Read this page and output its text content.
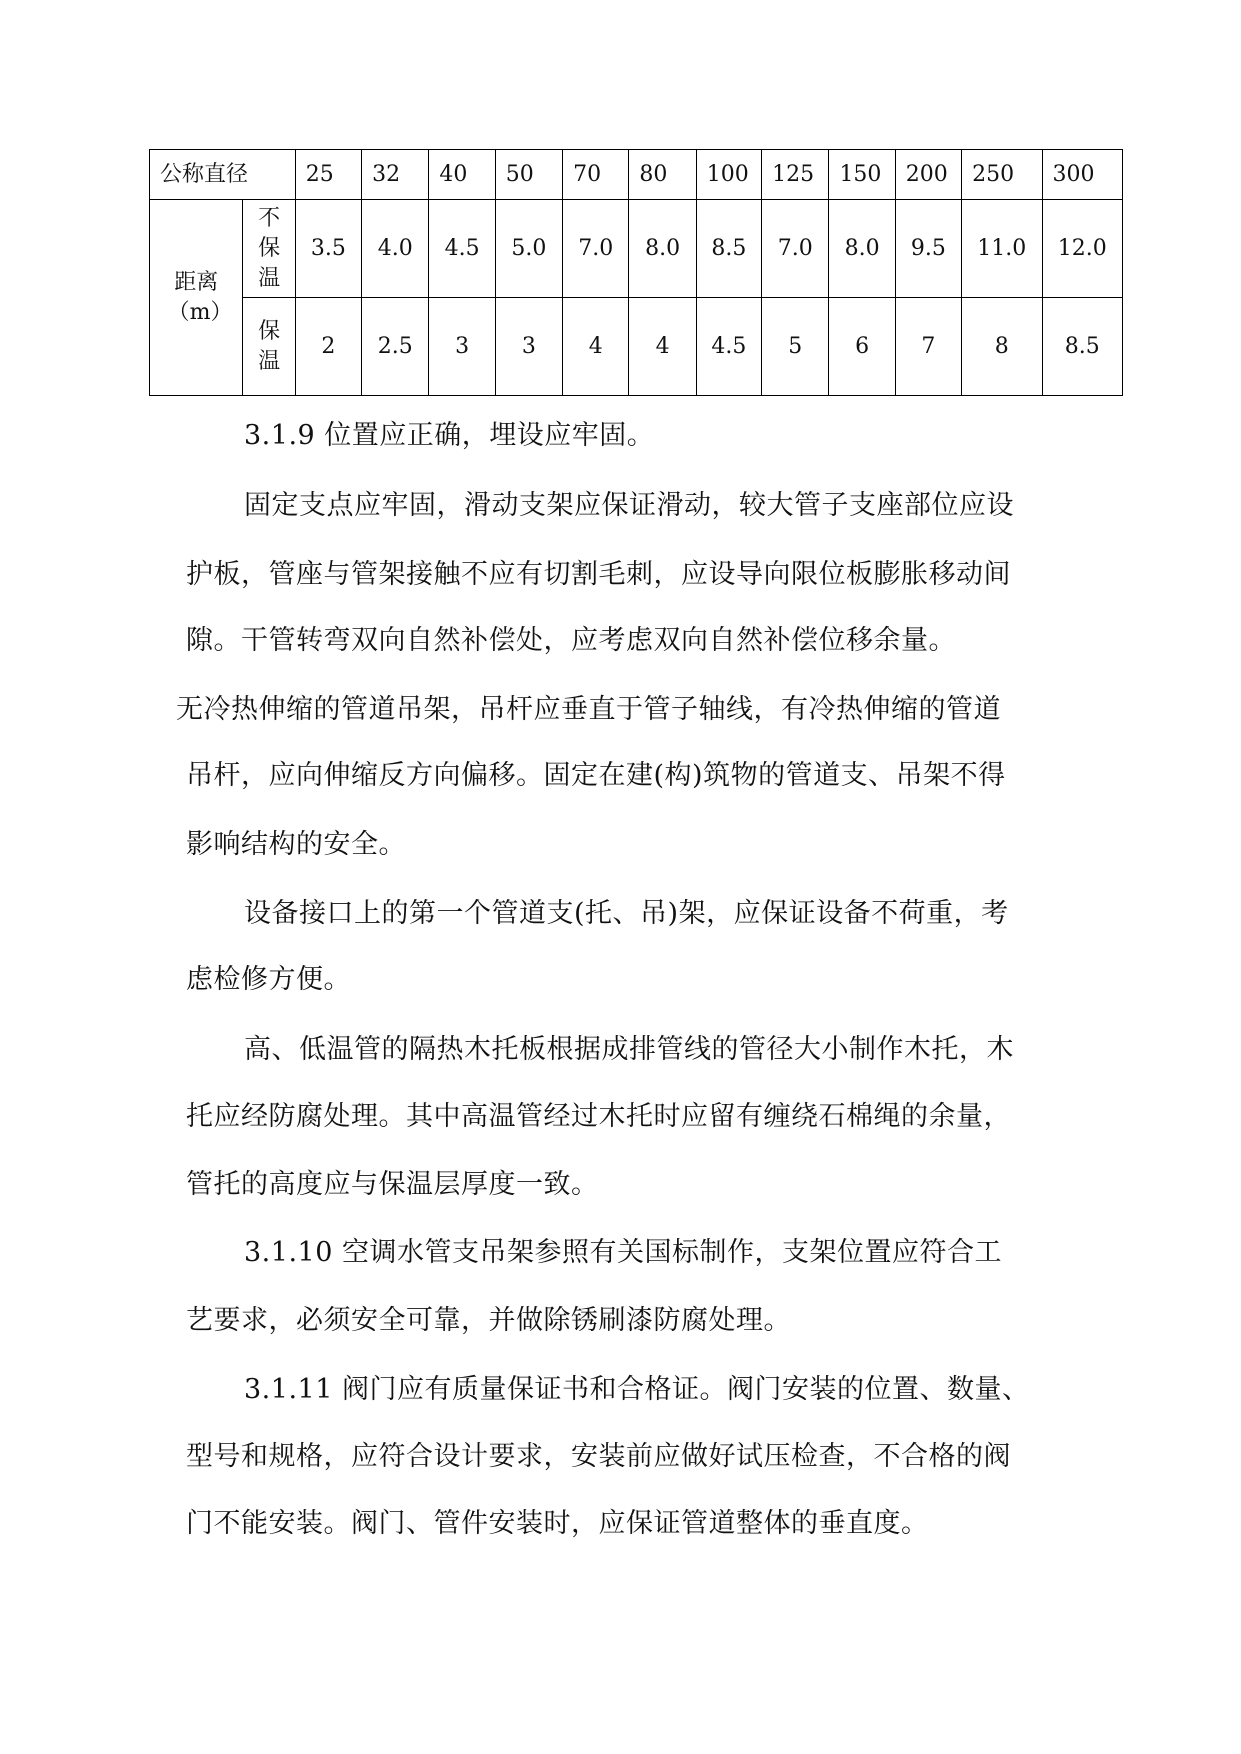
公称直径		25	32	40	50	70	80	100	125	150	200	250	300
距离（m）	不保温	3.5	4.0	4.5	5.0	7.0	8.0	8.5	7.0	8.0	9.5	11.0	12.0
	保温	2	2.5	3	3	4	4	4.5	5	6	7	8	8.5
3.1.9 位置应正确，埋设应牢固。
固定支点应牢固，滑动支架应保证滑动，较大管子支座部位应设
护板，管座与管架接触不应有切割毛刺，应设导向限位板膨胀移动间
隙。干管转弯双向自然补偿处，应考虑双向自然补偿位移余量。
无冷热伸缩的管道吊架，吊杆应垂直于管子轴线，有冷热伸缩的管道
吊杆，应向伸缩反方向偏移。固定在建(构)筑物的管道支、吊架不得
影响结构的安全。
设备接口上的第一个管道支(托、吊)架，应保证设备不荷重，考
虑检修方便。
高、低温管的隔热木托板根据成排管线的管径大小制作木托，木
托应经防腐处理。其中高温管经过木托时应留有缠绕石棉绳的余量，
管托的高度应与保温层厚度一致。
3.1.10 空调水管支吊架参照有关国标制作，支架位置应符合工
艺要求，必须安全可靠，并做除锈刷漆防腐处理。
3.1.11 阀门应有质量保证书和合格证。阀门安装的位置、数量、
型号和规格，应符合设计要求，安装前应做好试压检查，不合格的阀
门不能安装。阀门、管件安装时，应保证管道整体的垂直度。
